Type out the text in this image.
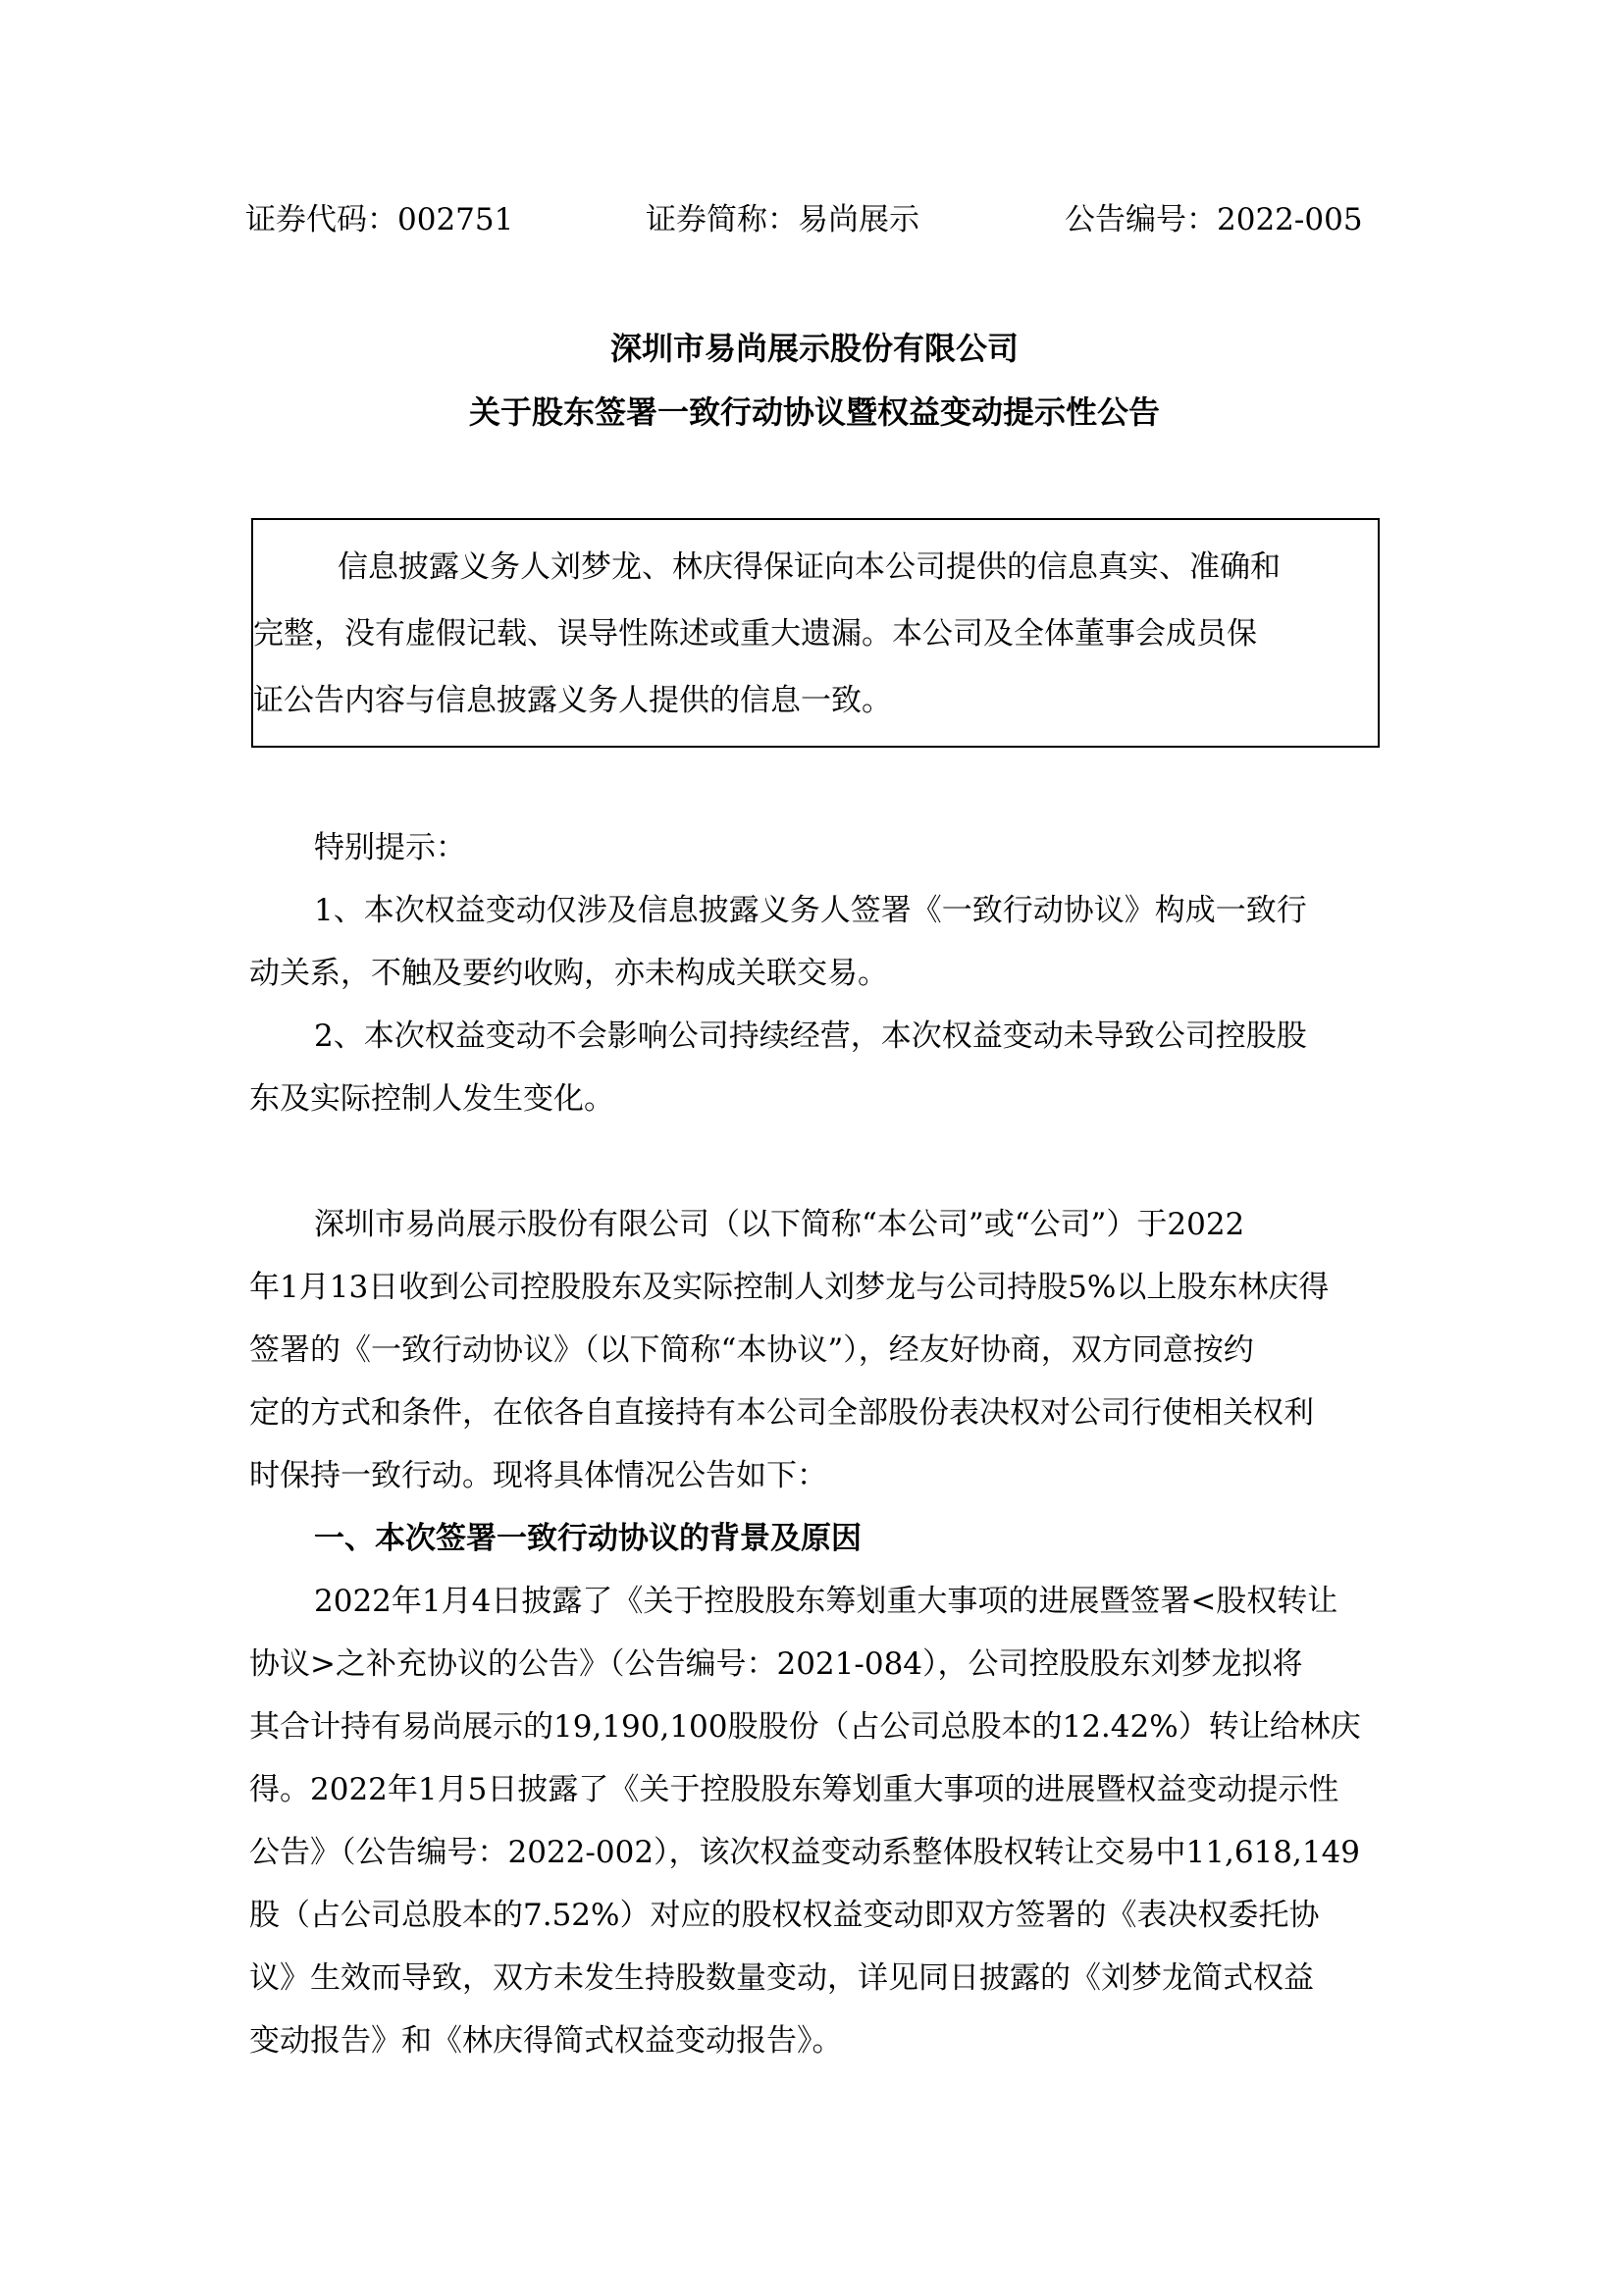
证券代码：002751	证券简称：易尚展示	公告编号：2022-005
深圳市易尚展示股份有限公司
关于股东签署一致行动协议暨权益变动提示性公告
信息披露义务人刘梦龙、林庆得保证向本公司提供的信息真实、准确和
完整，没有虚假记载、误导性陈述或重大遗漏。本公司及全体董事会成员保
证公告内容与信息披露义务人提供的信息一致。
特别提示：
1、本次权益变动仅涉及信息披露义务人签署《一致行动协议》构成一致行
动关系，不触及要约收购，亦未构成关联交易。
2、本次权益变动不会影响公司持续经营，本次权益变动未导致公司控股股
东及实际控制人发生变化。
深圳市易尚展示股份有限公司（以下简称“本公司”或“公司”）于2022
年1月13日收到公司控股股东及实际控制人刘梦龙与公司持股5%以上股东林庆得
签署的《一致行动协议》（以下简称“本协议”），经友好协商，双方同意按约
定的方式和条件，在依各自直接持有本公司全部股份表决权对公司行使相关权利
时保持一致行动。现将具体情况公告如下：
一、本次签署一致行动协议的背景及原因
2022年1月4日披露了《关于控股股东筹划重大事项的进展暨签署<股权转让
协议>之补充协议的公告》（公告编号：2021-084），公司控股股东刘梦龙拟将
其合计持有易尚展示的19,190,100股股份（占公司总股本的12.42%）转让给林庆
得。2022年1月5日披露了《关于控股股东筹划重大事项的进展暨权益变动提示性
公告》（公告编号：2022-002），该次权益变动系整体股权转让交易中11,618,149
股（占公司总股本的7.52%）对应的股权权益变动即双方签署的《表决权委托协
议》生效而导致，双方未发生持股数量变动，详见同日披露的《刘梦龙简式权益
变动报告》和《林庆得简式权益变动报告》。
